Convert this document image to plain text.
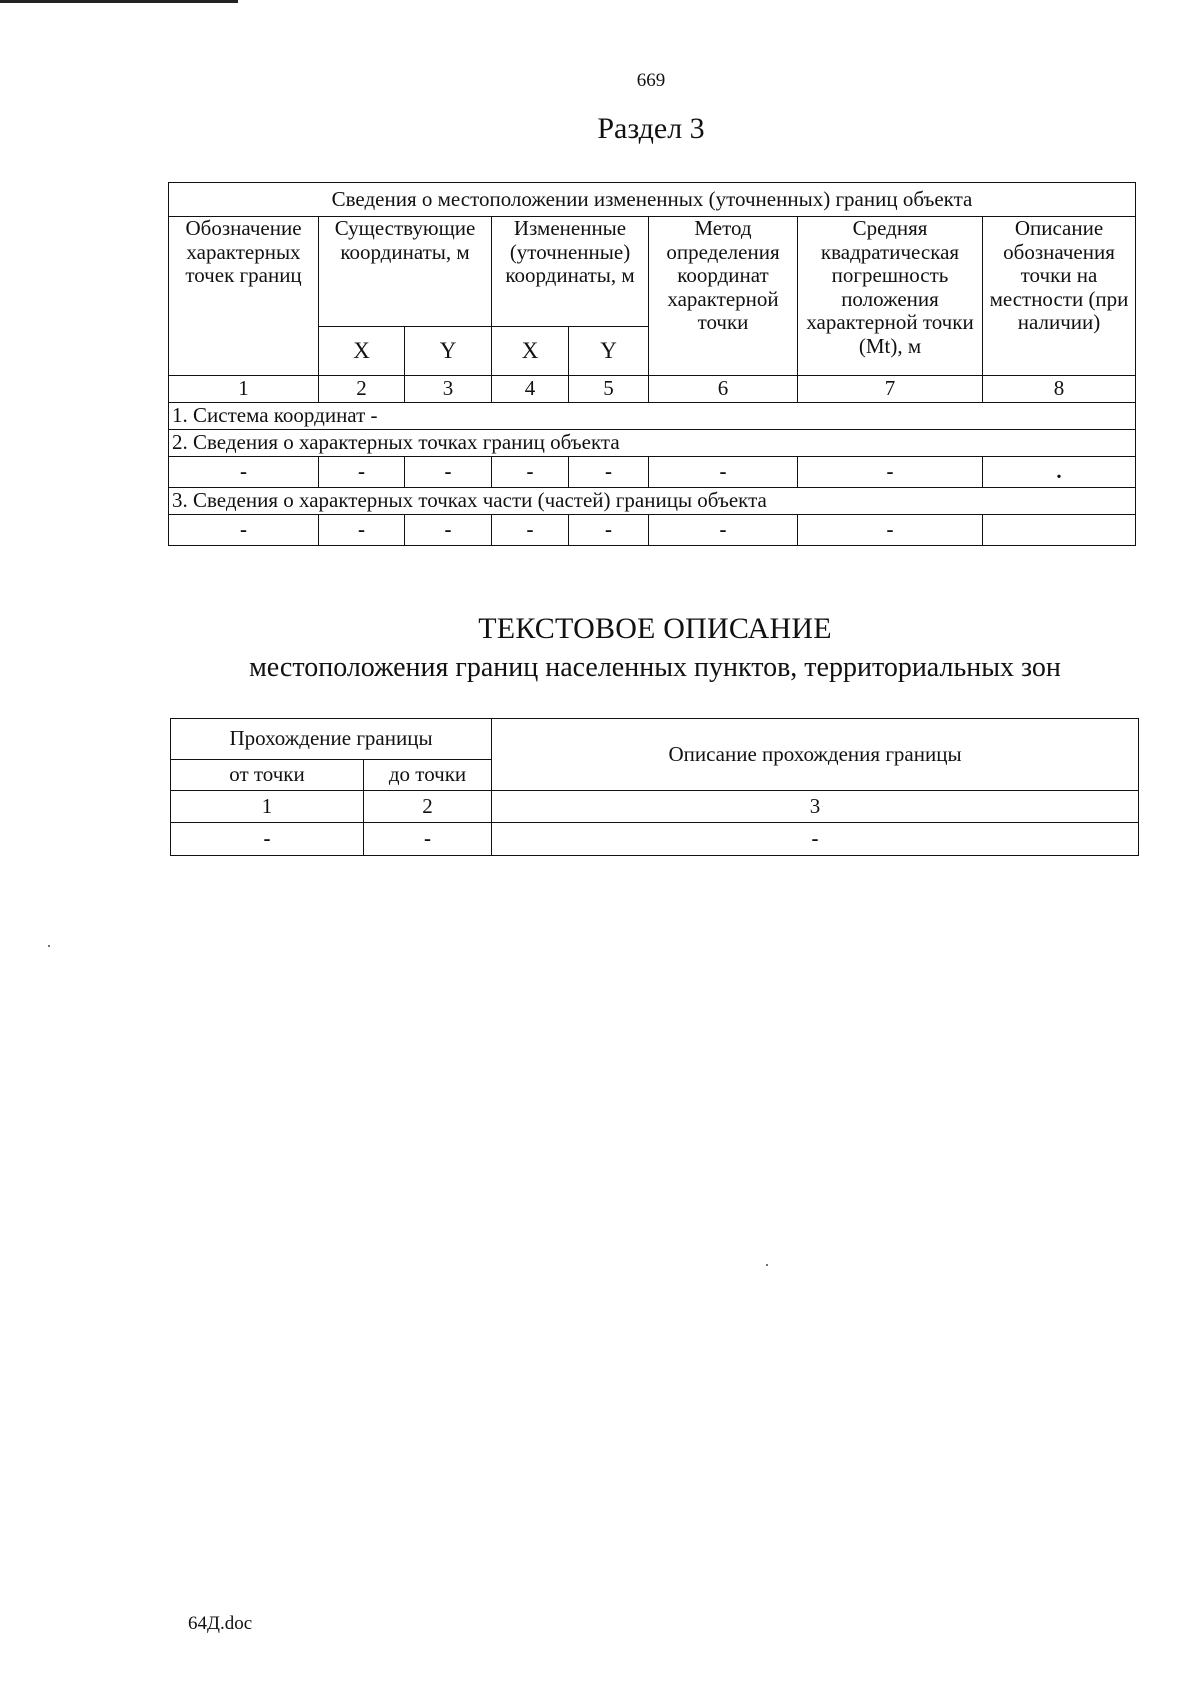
669
Раздел 3
Сведения о местоположении измененных (уточненных) границ объекта							
Обозначение характерных точек границ	Существующие координаты, м		Измененные (уточненные) координаты, м		Метод определения координат характерной точки	Средняя квадратическая погрешность положения характерной точки (Mt), м	Описание обозначения точки на местности (при наличии)
	X	Y	X	Y			
1	2	3	4	5	6	7	8
1. Система координат -							
2. Сведения о характерных точках границ объекта							
-	-	-	-	-	-	-	.
3. Сведения о характерных точках части (частей) границы объекта							
-	-	-	-	-	-	-	
ТЕКСТОВОЕ ОПИСАНИЕ
местоположения границ населенных пунктов, территориальных зон
Прохождение границы		Описание прохождения границы
от точки	до точки	
1	2	3
-	-	-
64Д.doc
